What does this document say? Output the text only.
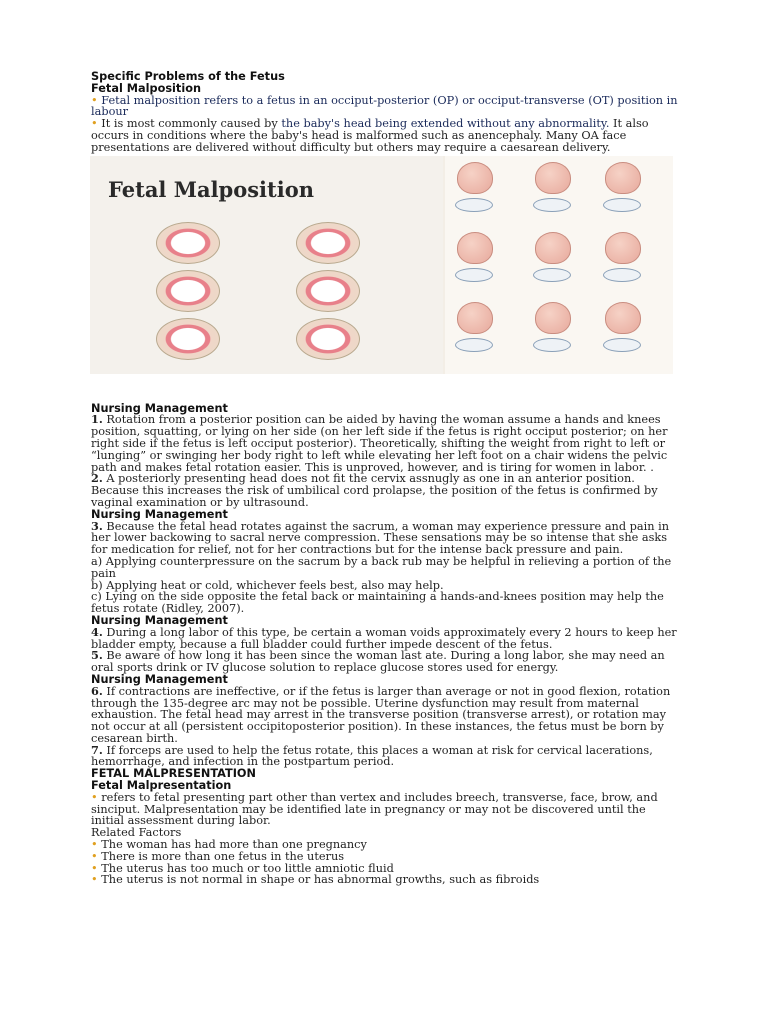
Specific Problems of the Fetus

Fetal Malposition

• Fetal malposition refers to a fetus in an occiput-posterior (OP) or occiput-transverse (OT) position in labour

• It is most commonly caused by the baby's head being extended without any abnormality. It also occurs in conditions where the baby's head is malformed such as anencephaly. Many OA face presentations are delivered without difficulty but others may require a caesarean delivery.

Fetal Malposition

Nursing Management

1. Rotation from a posterior position can be aided by having the woman assume a hands and knees position, squatting, or lying on her side (on her left side if the fetus is right occiput posterior; on her right side if the fetus is left occiput posterior). Theoretically, shifting the weight from right to left or “lunging” or swinging her body right to left while elevating her left foot on a chair widens the pelvic path and makes fetal rotation easier. This is unproved, however, and is tiring for women in labor. .

2. A posteriorly presenting head does not fit the cervix assnugly as one in an anterior position. Because this increases the risk of umbilical cord prolapse, the position of the fetus is confirmed by vaginal examination or by ultrasound.

Nursing Management

3. Because the fetal head rotates against the sacrum, a woman may experience pressure and pain in her lower backowing to sacral nerve compression. These sensations may be so intense that she asks for medication for relief, not for her contractions but for the intense back pressure and pain.

a) Applying counterpressure on the sacrum by a back rub may be helpful in relieving a portion of the pain

b) Applying heat or cold, whichever feels best, also may help.

c) Lying on the side opposite the fetal back or maintaining a hands-and-knees position may help the fetus rotate (Ridley, 2007).

Nursing Management

4. During a long labor of this type, be certain a woman voids approximately every 2 hours to keep her bladder empty, because a full bladder could further impede descent of the fetus.

5. Be aware of how long it has been since the woman last ate. During a long labor, she may need an oral sports drink or IV glucose solution to replace glucose stores used for energy.

Nursing Management

6. If contractions are ineffective, or if the fetus is larger than average or not in good flexion, rotation through the 135-degree arc may not be possible. Uterine dysfunction may result from maternal exhaustion. The fetal head may arrest in the transverse position (transverse arrest), or rotation may not occur at all (persistent occipitoposterior position). In these instances, the fetus must be born by cesarean birth.

7. If forceps are used to help the fetus rotate, this places a woman at risk for cervical lacerations, hemorrhage, and infection in the postpartum period.

FETAL MALPRESENTATION

Fetal Malpresentation

• refers to fetal presenting part other than vertex and includes breech, transverse, face, brow, and sinciput. Malpresentation may be identified late in pregnancy or may not be discovered until the initial assessment during labor.

Related Factors

• The woman has had more than one pregnancy

• There is more than one fetus in the uterus

• The uterus has too much or too little amniotic fluid

• The uterus is not normal in shape or has abnormal growths, such as fibroids
